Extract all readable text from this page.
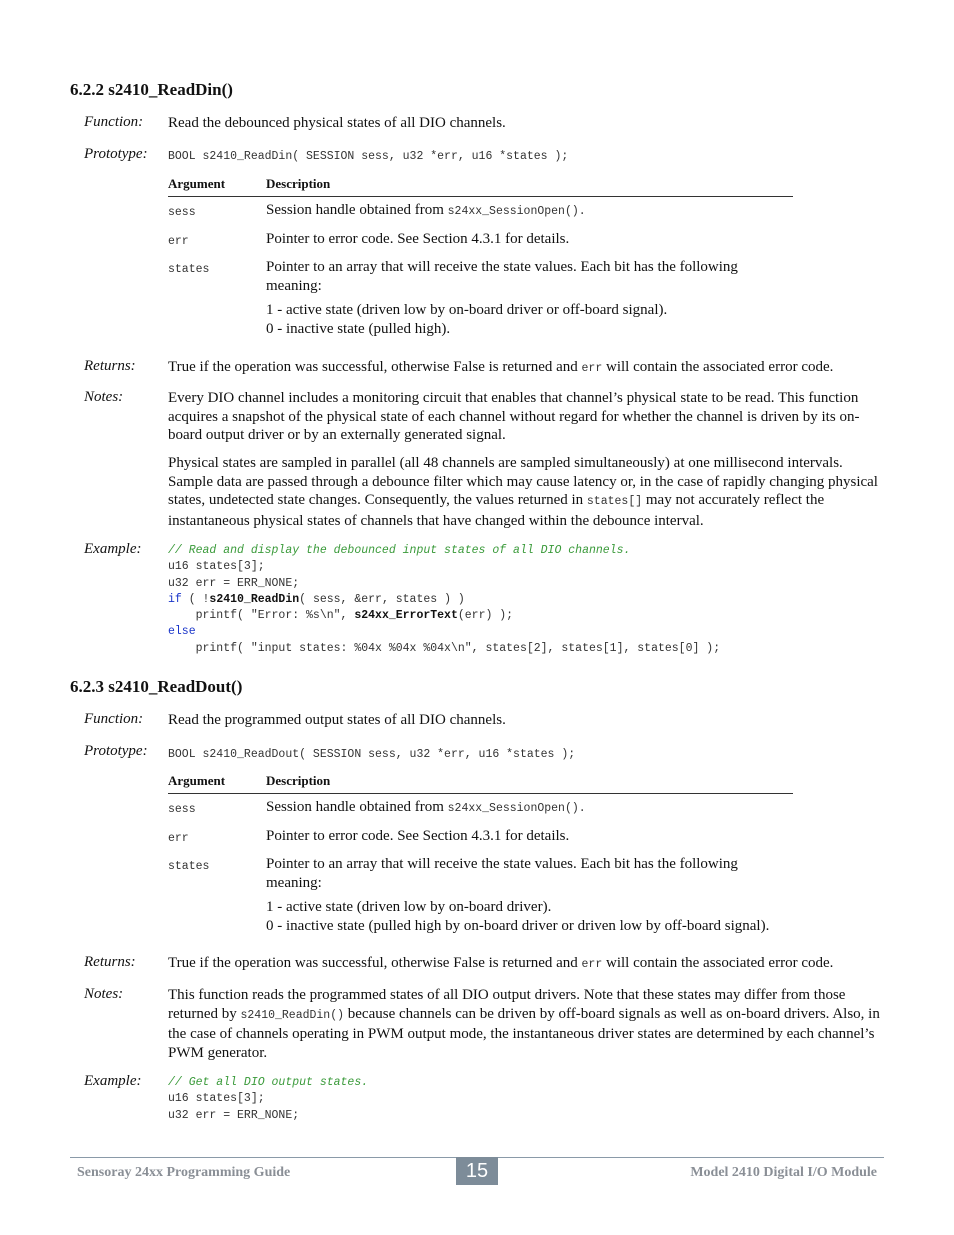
6.2.2 s2410_ReadDin()
Function: Read the debounced physical states of all DIO channels.
Prototype: BOOL s2410_ReadDin( SESSION sess, u32 *err, u16 *states );
Argument	Description
sess	Session handle obtained from s24xx_SessionOpen().
err	Pointer to error code. See Section 4.3.1 for details.
states	Pointer to an array that will receive the state values. Each bit has the following meaning:
1 - active state (driven low by on-board driver or off-board signal).
0 - inactive state (pulled high).
Returns: True if the operation was successful, otherwise False is returned and err will contain the associated error code.
Notes:	Every DIO channel includes a monitoring circuit that enables that channel’s physical state to be read. This function acquires a snapshot of the physical state of each channel without regard for whether the channel is driven by its on-board output driver or by an externally generated signal.
Physical states are sampled in parallel (all 48 channels are sampled simultaneously) at one millisecond intervals. Sample data are passed through a debounce filter which may cause latency or, in the case of rapidly changing physical states, undetected state changes. Consequently, the values returned in states[] may not accurately reflect the instantaneous physical states of channels that have changed within the debounce interval.
Example: // Read and display the debounced input states of all DIO channels.
u16 states[3];
u32 err = ERR_NONE;
if ( !s2410_ReadDin( sess, &err, states ) )
printf( "Error: %s\n", s24xx_ErrorText(err) );
else
printf( "input states: %04x %04x %04x\n", states[2], states[1], states[0] );
6.2.3 s2410_ReadDout()
Function: Read the programmed output states of all DIO channels.
Prototype: BOOL s2410_ReadDout( SESSION sess, u32 *err, u16 *states );
Argument	Description
sess	Session handle obtained from s24xx_SessionOpen().
err	Pointer to error code. See Section 4.3.1 for details.
states	Pointer to an array that will receive the state values. Each bit has the following meaning:
1 - active state (driven low by on-board driver).
0 - inactive state (pulled high by on-board driver or driven low by off-board signal).
Returns: True if the operation was successful, otherwise False is returned and err will contain the associated error code.
Notes:	This function reads the programmed states of all DIO output drivers. Note that these states may differ from those returned by s2410_ReadDin() because channels can be driven by off-board signals as well as on-board drivers. Also, in the case of channels operating in PWM output mode, the instantaneous driver states are determined by each channel’s PWM generator.
Example: // Get all DIO output states.
u16 states[3];
u32 err = ERR_NONE;
Sensoray 24xx Programming Guide	15	Model 2410 Digital I/O Module
